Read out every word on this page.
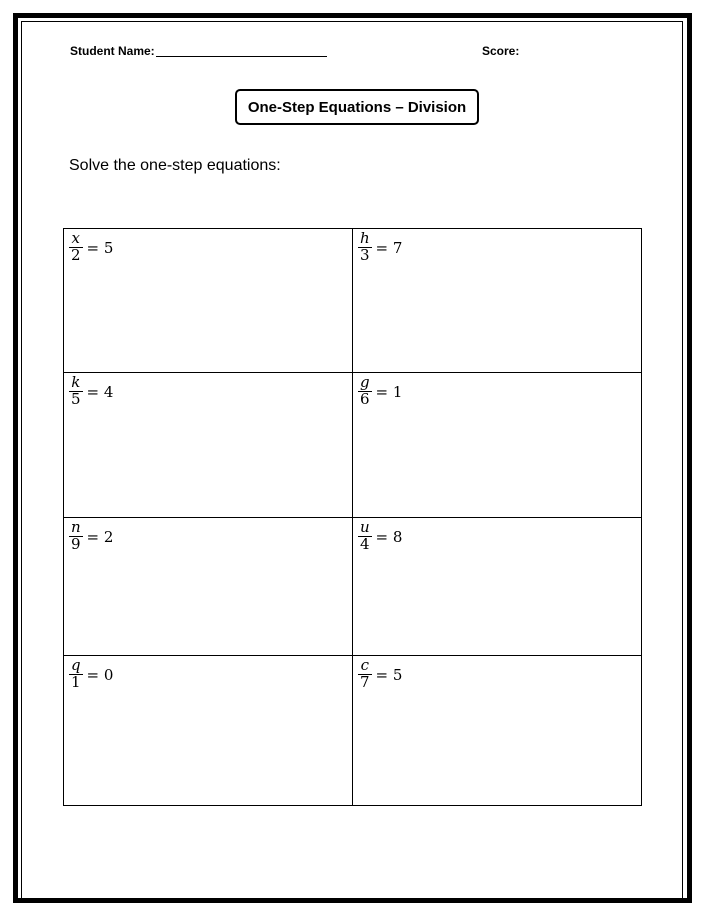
Student Name:	Score:
One-Step Equations – Division
Solve the one-step equations:
$\frac{x}{2} = 5$	$\frac{h}{3} = 7$
$\frac{k}{5} = 4$	$\frac{g}{6} = 1$
$\frac{n}{9} = 2$	$\frac{u}{4} = 8$
$\frac{q}{1} = 0$	$\frac{c}{7} = 5$
